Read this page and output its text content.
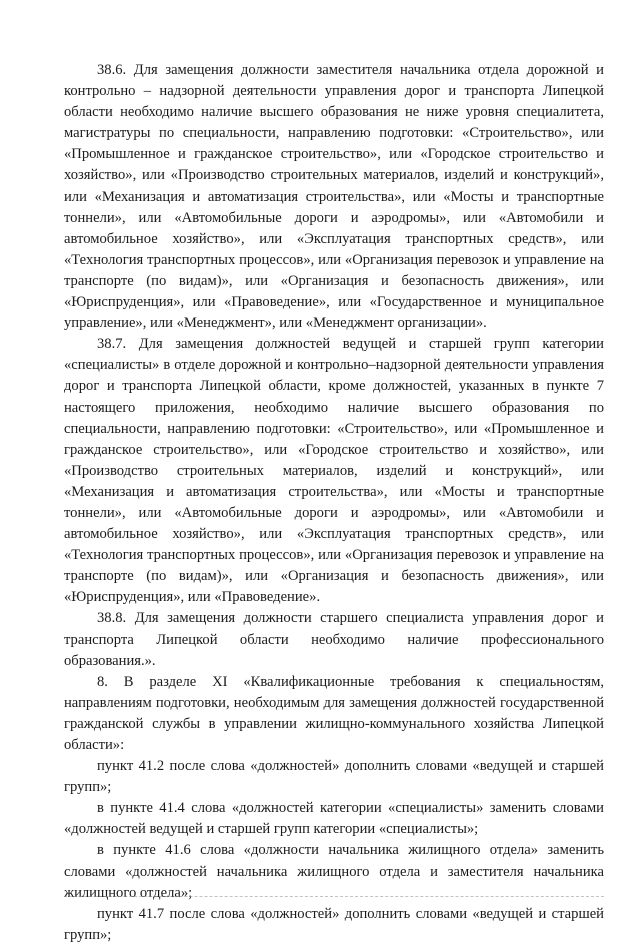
38.6. Для замещения должности заместителя начальника отдела дорожной и контрольно – надзорной деятельности управления дорог и транспорта Липецкой области необходимо наличие высшего образования не ниже уровня специалитета, магистратуры по специальности, направлению подготовки: «Строительство», или «Промышленное и гражданское строительство», или «Городское строительство и хозяйство», или «Производство строительных материалов, изделий и конструкций», или «Механизация и автоматизация строительства», или «Мосты и транспортные тоннели», или «Автомобильные дороги и аэродромы», или «Автомобили и автомобильное хозяйство», или «Эксплуатация транспортных средств», или «Технология транспортных процессов», или «Организация перевозок и управление на транспорте (по видам)», или «Организация и безопасность движения», или «Юриспруденция», или «Правоведение», или «Государственное и муниципальное управление», или «Менеджмент», или «Менеджмент организации».

38.7. Для замещения должностей ведущей и старшей групп категории «специалисты» в отделе дорожной и контрольно–надзорной деятельности управления дорог и транспорта Липецкой области, кроме должностей, указанных в пункте 7 настоящего приложения, необходимо наличие высшего образования по специальности, направлению подготовки: «Строительство», или «Промышленное и гражданское строительство», или «Городское строительство и хозяйство», или «Производство строительных материалов, изделий и конструкций», или «Механизация и автоматизация строительства», или «Мосты и транспортные тоннели», или «Автомобильные дороги и аэродромы», или «Автомобили и автомобильное хозяйство», или «Эксплуатация транспортных средств», или «Технология транспортных процессов», или «Организация перевозок и управление на транспорте (по видам)», или «Организация и безопасность движения», или «Юриспруденция», или «Правоведение».

38.8. Для замещения должности старшего специалиста управления дорог и транспорта Липецкой области необходимо наличие профессионального образования.».

8. В разделе XI «Квалификационные требования к специальностям, направлениям подготовки, необходимым для замещения должностей государственной гражданской службы в управлении жилищно-коммунального хозяйства Липецкой области»:

пункт 41.2 после слова «должностей» дополнить словами «ведущей и старшей групп»;

в пункте 41.4 слова «должностей категории «специалисты» заменить словами «должностей ведущей и старшей групп категории «специалисты»;

в пункте 41.6 слова «должности начальника жилищного отдела» заменить словами «должностей начальника жилищного отдела и заместителя начальника жилищного отдела»;

пункт 41.7 после слова «должностей» дополнить словами «ведущей и старшей групп»;
